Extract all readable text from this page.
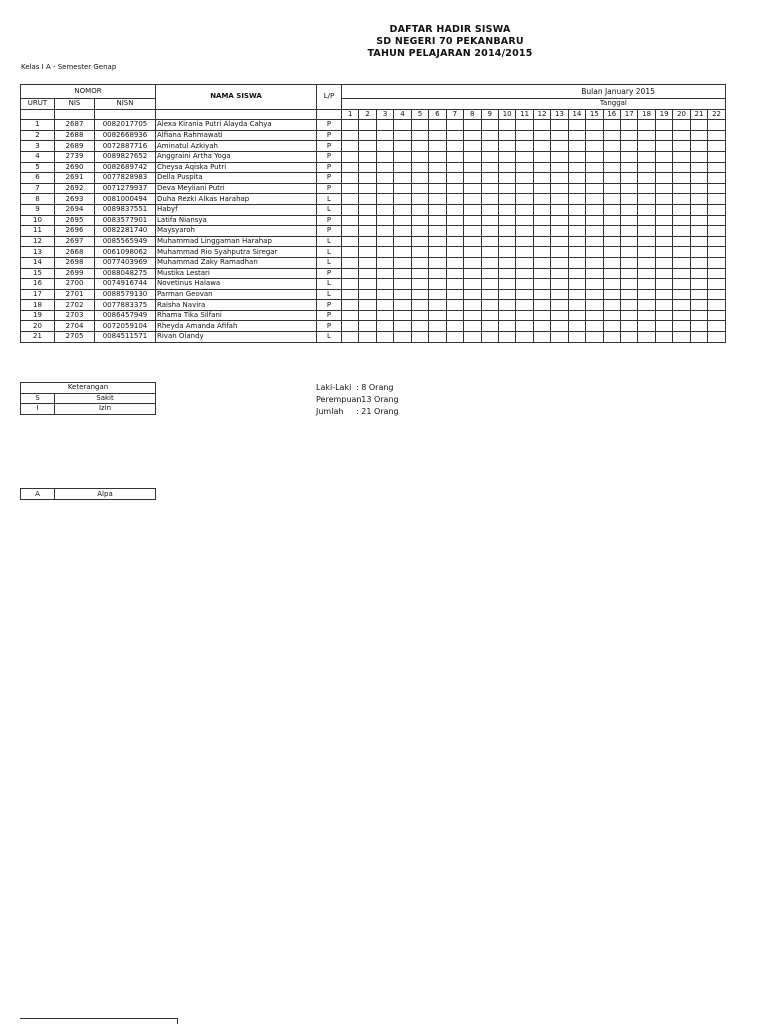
DAFTAR HADIR SISWA
SD NEGERI 70 PEKANBARU
TAHUN PELAJARAN 2014/2015
Kelas I A - Semester Genap
NOMOR			NAMA SISWA	L/P	Bulan January 2015																					
URUT	NIS	NISN			Tanggal																					
					1	2	3	4	5	6	7	8	9	10	11	12	13	14	15	16	17	18	19	20	21	22
1	2687	0082017705	Alexa Kirania Putri Alayda Cahya	P																						
2	2688	0082668936	Alfiana Rahmawati	P																						
3	2689	0072887716	Aminatul Azkiyah	P																						
4	2739	0089827652	Anggraini Artha Yoga	P																						
5	2690	0082689742	Cheysa Aqiska Putri	P																						
6	2691	0077828983	Della Puspita	P																						
7	2692	0071279937	Deva Meyliani Putri	P																						
8	2693	0081000494	Duha Rezki Alkas Harahap	L																						
9	2694	0089837551	Habyf	L																						
10	2695	0083577901	Latifa Niansya	P																						
11	2696	0082281740	Maysyaroh	P																						
12	2697	0085565949	Muhammad Linggaman Harahap	L																						
13	2668	0061098062	Muhammad Rio Syahputra Siregar	L																						
14	2698	0077403969	Muhammad Zaky Ramadhan	L																						
15	2699	0088048275	Mustika Lestari	P																						
16	2700	0074916744	Novetinus Halawa	L																						
17	2701	0088579130	Parman Geovan	L																						
18	2702	0077883375	Raisha Navira	P																						
19	2703	0086457949	Rhama Tika Silfani	P																						
20	2704	0072059104	Rheyda Amanda Afifah	P																						
21	2705	0084511571	Rivan Oiandy	L																						
Keterangan	
S	Sakit
I	Izin
A	Alpa
Laki-Laki : 8 Orang
Perempuan: 13 Orang
Jumlah : 21 Orang
